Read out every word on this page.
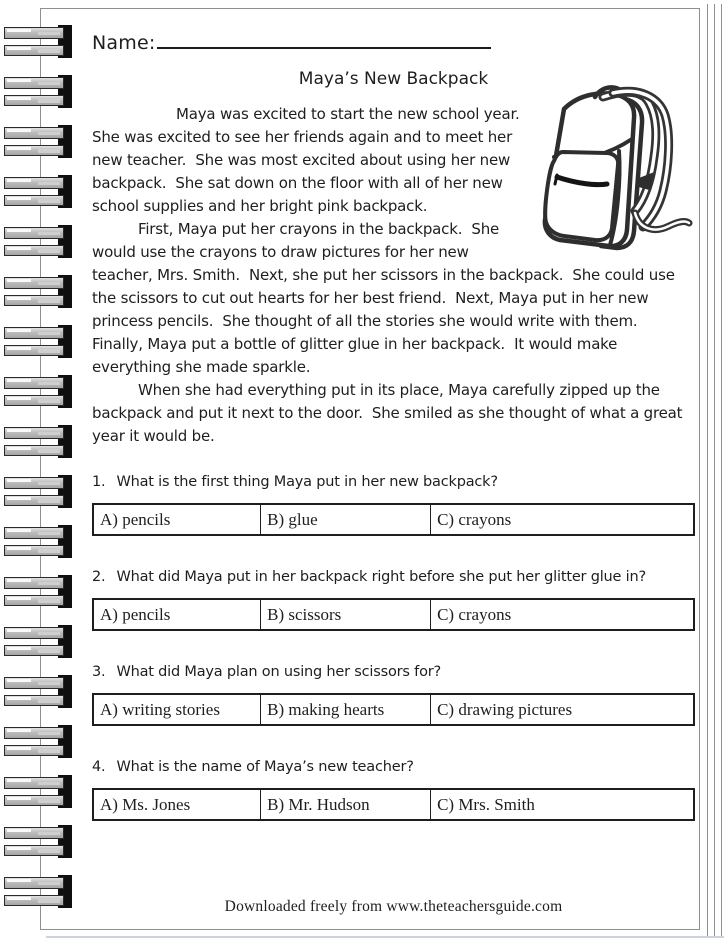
Name:
Maya’s New Backpack

Maya was excited to start the new school year.  She was excited to see her friends again and to meet her new teacher.  She was most excited about using her new backpack.  She sat down on the floor with all of her new school supplies and her bright pink backpack.

First, Maya put her crayons in the backpack.  She would use the crayons to draw pictures for her new teacher, Mrs. Smith.  Next, she put her scissors in the backpack.  She could use the scissors to cut out hearts for her best friend.  Next, Maya put in her new princess pencils.  She thought of all the stories she would write with them.  Finally, Maya put a bottle of glitter glue in her backpack.  It would make everything she made sparkle.

When she had everything put in its place, Maya carefully zipped up the backpack and put it next to the door.  She smiled as she thought of what a great year it would be.

1. What is the first thing Maya put in her new backpack?
A) pencils	B) glue	C) crayons
2. What did Maya put in her backpack right before she put her glitter glue in?
A) pencils	B) scissors	C) crayons
3. What did Maya plan on using her scissors for?
A) writing stories	B) making hearts	C) drawing pictures
4. What is the name of Maya’s new teacher?
A) Ms. Jones	B) Mr. Hudson	C) Mrs. Smith
Downloaded freely from www.theteachersguide.com
